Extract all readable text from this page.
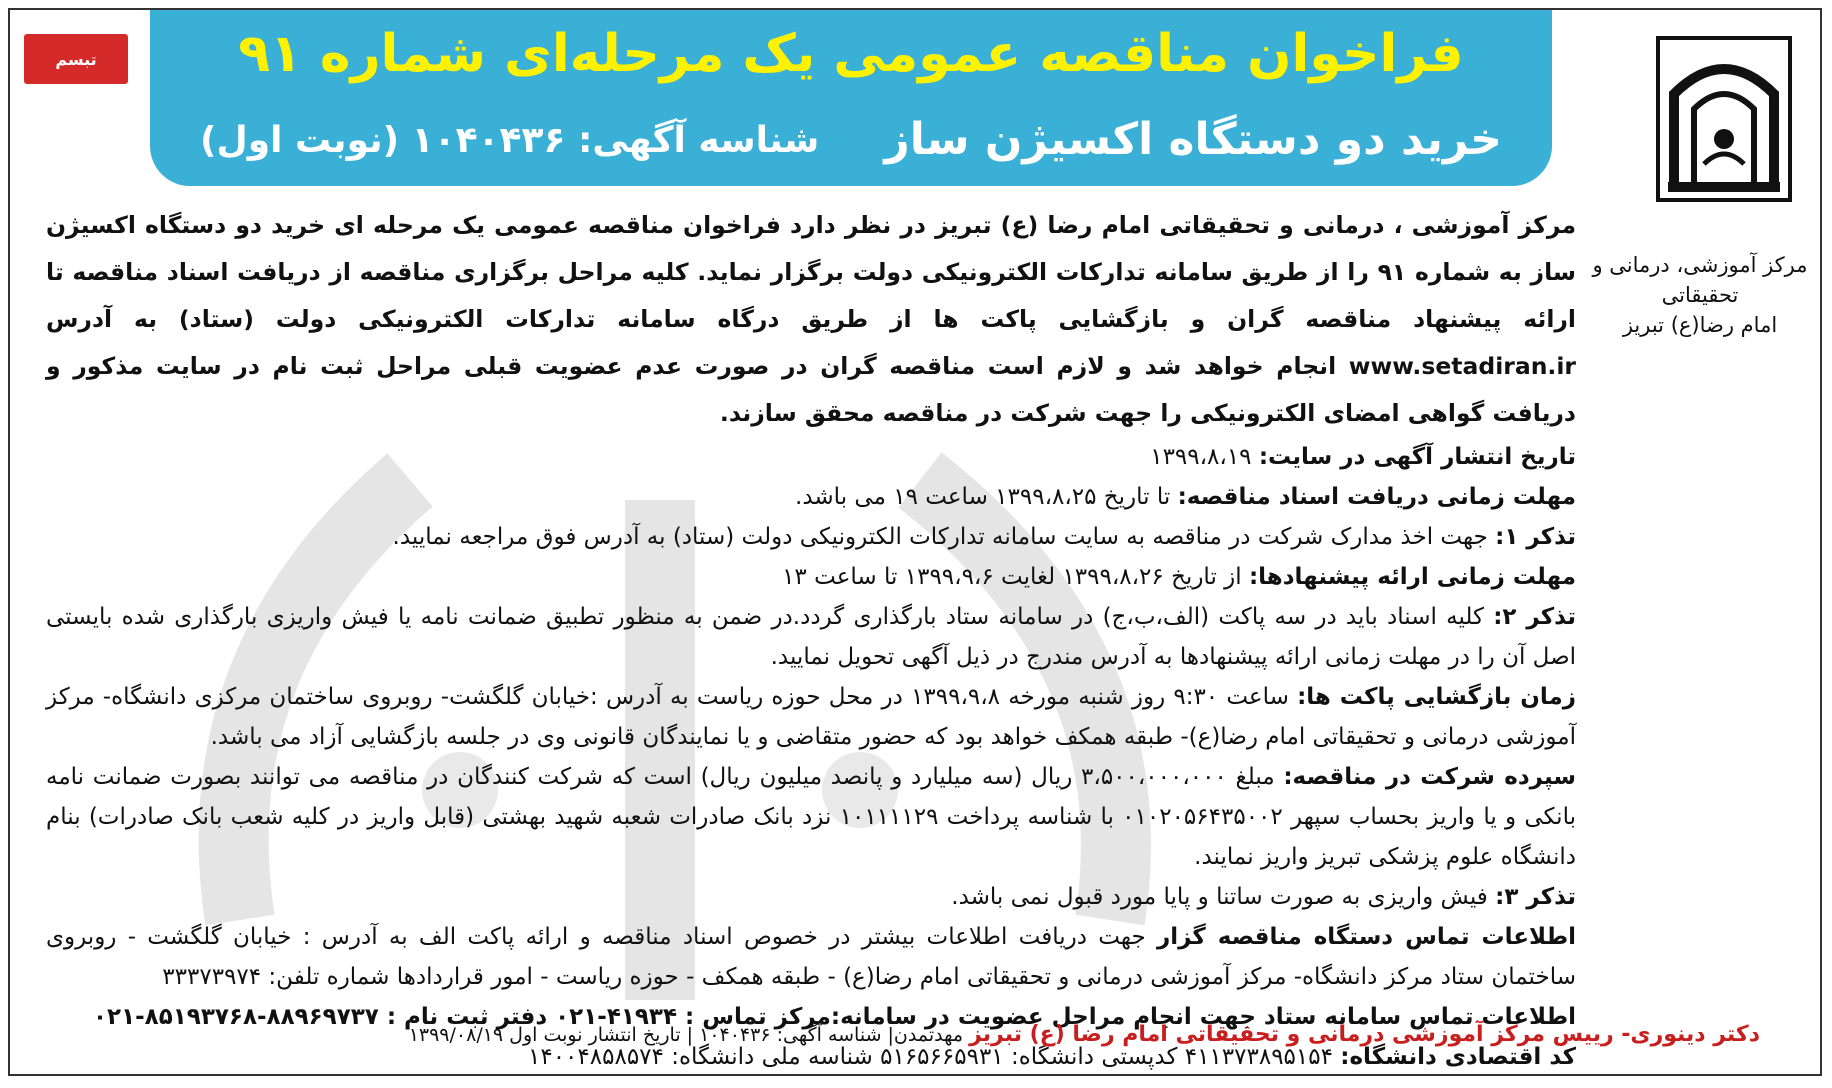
فراخوان مناقصه عمومی یک مرحله‌ای شماره ۹۱
خرید دو دستگاه اکسیژن ساز
شناسه آگهی: ۱۰۴۰۴۳۶ (نوبت اول)
تبسم
مرکز آموزشی، درمانی و تحقیقاتی
امام رضا(ع) تبریز

مرکز آموزشی ، درمانی و تحقیقاتی امام رضا (ع) تبریز در نظر دارد فراخوان مناقصه عمومی یک مرحله ای خرید دو دستگاه اکسیژن ساز به شماره ۹۱ را از طریق سامانه تدارکات الکترونیکی دولت برگزار نماید. کلیه مراحل برگزاری مناقصه از دریافت اسناد مناقصه تا ارائه پیشنهاد مناقصه گران و بازگشایی پاکت ها از طریق درگاه سامانه تدارکات الکترونیکی دولت (ستاد) به آدرس www.setadiran.ir انجام خواهد شد و لازم است مناقصه گران در صورت عدم عضویت قبلی مراحل ثبت نام در سایت مذکور و دریافت گواهی امضای الکترونیکی را جهت شرکت در مناقصه محقق سازند.

تاریخ انتشار آگهی در سایت: ۱۳۹۹،۸،۱۹

مهلت زمانی دریافت اسناد مناقصه: تا تاریخ ۱۳۹۹،۸،۲۵ ساعت ۱۹ می باشد.

تذکر ۱: جهت اخذ مدارک شرکت در مناقصه به سایت سامانه تدارکات الکترونیکی دولت (ستاد) به آدرس فوق مراجعه نمایید.

مهلت زمانی ارائه پیشنهادها: از تاریخ ۱۳۹۹،۸،۲۶ لغایت ۱۳۹۹،۹،۶ تا ساعت ۱۳

تذکر ۲: کلیه اسناد باید در سه پاکت (الف،ب،ج) در سامانه ستاد بارگذاری گردد.در ضمن به منظور تطبیق ضمانت نامه یا فیش واریزی بارگذاری شده بایستی اصل آن را در مهلت زمانی ارائه پیشنهادها به آدرس مندرج در ذیل آگهی تحویل نمایید.

زمان بازگشایی پاکت ها: ساعت ۹:۳۰ روز شنبه مورخه ۱۳۹۹،۹،۸ در محل حوزه ریاست به آدرس :خیابان گلگشت- روبروی ساختمان مرکزی دانشگاه- مرکز آموزشی درمانی و تحقیقاتی امام رضا(ع)- طبقه همکف خواهد بود که حضور متقاضی و یا نمایندگان قانونی وی در جلسه بازگشایی آزاد می باشد.

سپرده شرکت در مناقصه: مبلغ ۳،۵۰۰،۰۰۰،۰۰۰ ریال (سه میلیارد و پانصد میلیون ریال) است که شرکت کنندگان در مناقصه می توانند بصورت ضمانت نامه بانکی و یا واریز بحساب سپهر ۰۱۰۲۰۵۶۴۳۵۰۰۲ با شناسه پرداخت ۱۰۱۱۱۱۲۹ نزد بانک صادرات شعبه شهید بهشتی (قابل واریز در کلیه شعب بانک صادرات) بنام دانشگاه علوم پزشکی تبریز واریز نمایند.

تذکر ۳: فیش واریزی به صورت ساتنا و پایا مورد قبول نمی باشد.

اطلاعات تماس دستگاه مناقصه گزار جهت دریافت اطلاعات بیشتر در خصوص اسناد مناقصه و ارائه پاکت الف به آدرس : خیابان گلگشت - روبروی ساختمان ستاد مرکز دانشگاه- مرکز آموزشی درمانی و تحقیقاتی امام رضا(ع) - طبقه همکف - حوزه ریاست - امور قراردادها شماره تلفن: ۳۳۳۷۳۹۷۴

اطلاعات تماس سامانه ستاد جهت انجام مراحل عضویت در سامانه:مرکز تماس : ۴۱۹۳۴-۰۲۱ دفتر ثبت نام : ۸۸۹۶۹۷۳۷-۸۵۱۹۳۷۶۸-۰۲۱

کد اقتصادی دانشگاه: ۴۱۱۳۷۳۸۹۵۱۵۴ کدپستی دانشگاه: ۵۱۶۵۶۶۵۹۳۱ شناسه ملی دانشگاه: ۱۴۰۰۴۸۵۸۵۷۴

دکتر دینوری- رییس مرکز آموزشی درمانی و تحقیقاتی امام رضا (ع) تبریز مهدتمدن| شناسه آگهی: ۱۰۴۰۴۳۶ | تاریخ انتشار نوبت اول ۱۳۹۹/۰۸/۱۹
